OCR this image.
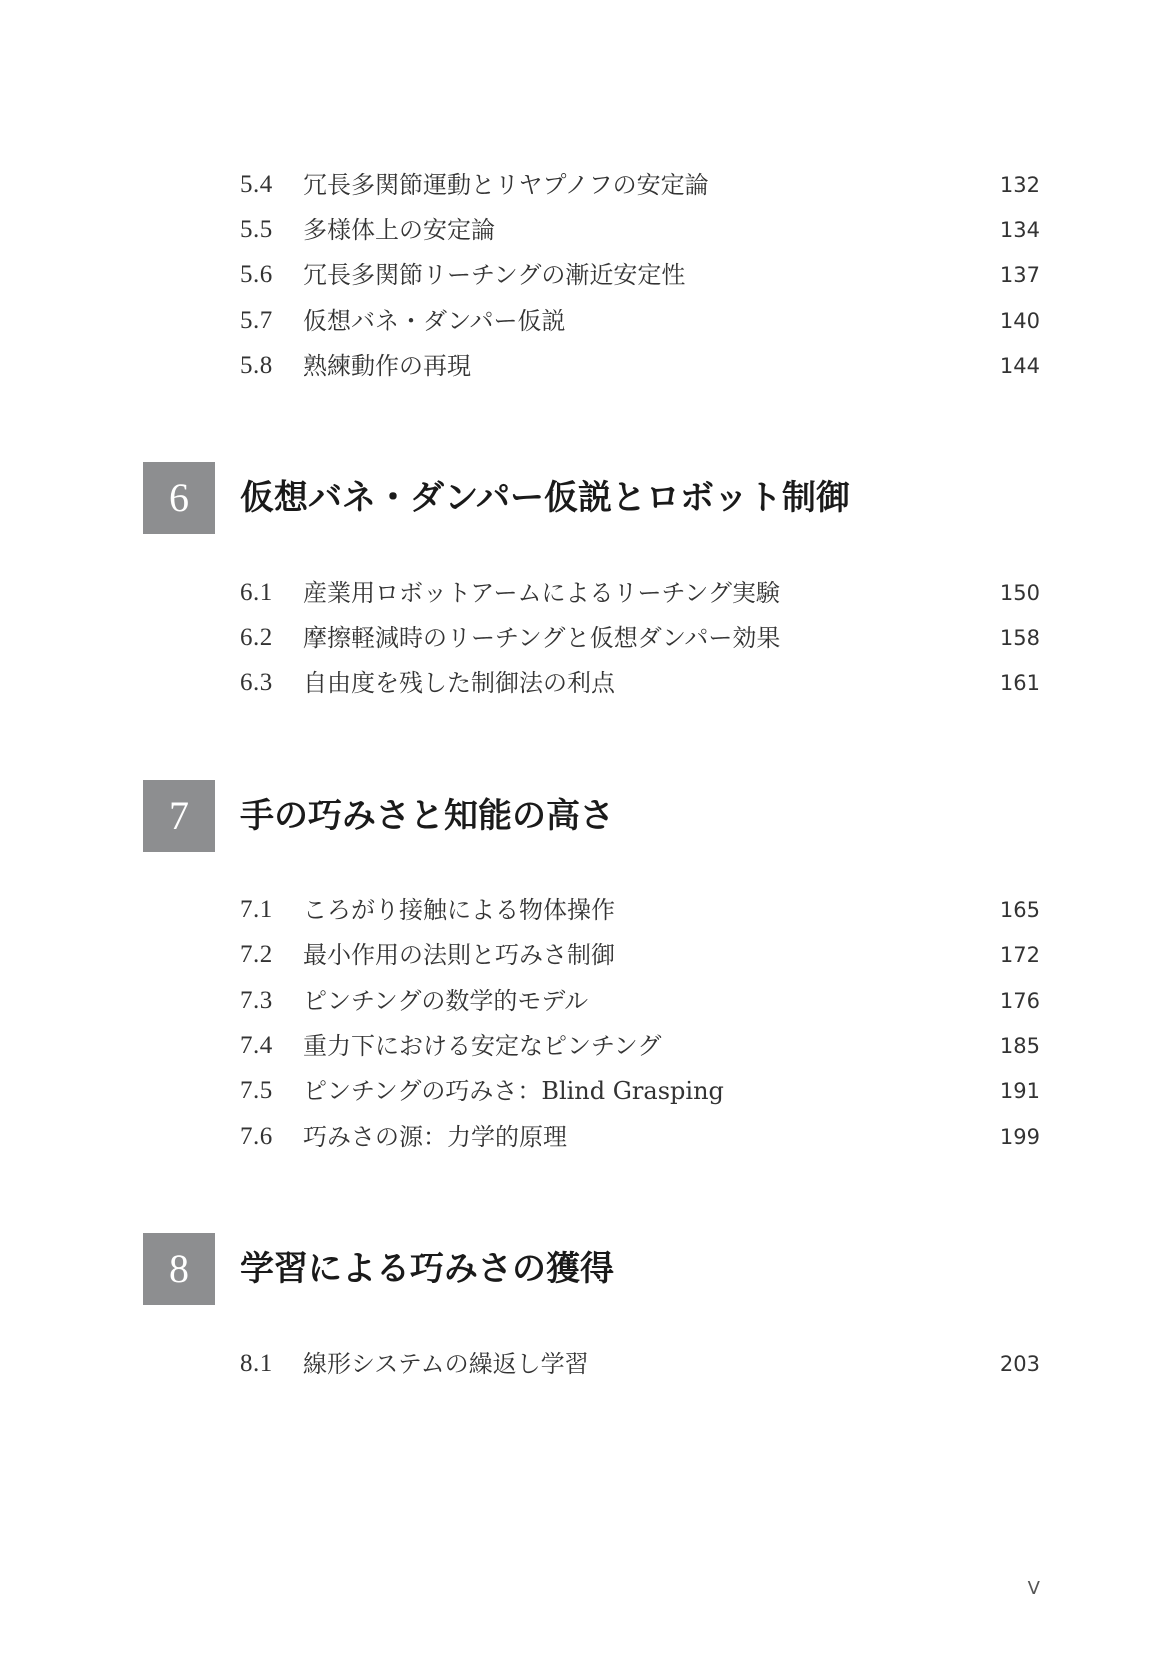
5.4 冗長多関節運動とリヤプノフの安定論	132
5.5 多様体上の安定論	134
5.6 冗長多関節リーチングの漸近安定性	137
5.7 仮想バネ・ダンパー仮説	140
5.8 熟練動作の再現	144
6	仮想バネ・ダンパー仮説とロボット制御
6.1 産業用ロボットアームによるリーチング実験	150
6.2 摩擦軽減時のリーチングと仮想ダンパー効果	158
6.3 自由度を残した制御法の利点	161
7	手の巧みさと知能の高さ
7.1 ころがり接触による物体操作	165
7.2 最小作用の法則と巧みさ制御	172
7.3 ピンチングの数学的モデル	176
7.4 重力下における安定なピンチング	185
7.5 ピンチングの巧みさ：Blind Grasping	191
7.6 巧みさの源：力学的原理	199
8	学習による巧みさの獲得
8.1 線形システムの繰返し学習	203
V
